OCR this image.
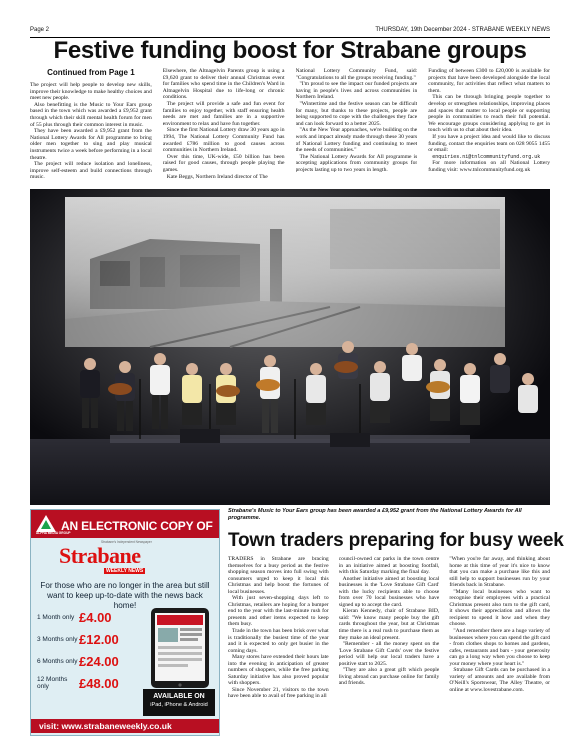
Page 2	THURSDAY, 19th December 2024 - STRABANE WEEKLY NEWS
Festive funding boost for Strabane groups
Continued from Page 1

The project will help people to develop new skills, improve their knowledge to make healthy choices and meet new people.

Also benefitting is the Music to Your Ears group based in the town which was awarded a £9,952 grant through which their skill mental health forum for men of 55 plus through their common interest in music.

They have been awarded a £9,952 grant from the National Lottery Awards for All programme to bring older men together to sing and play musical instruments twice a week before performing in a local theatre.

The project will reduce isolation and loneliness, improve self-esteem and build connections through music.

Elsewhere, the Altnagelvin Parents group is using a £9,620 grant to deliver their annual Christmas event for families who spend time in the Children's Ward in Altnagelvin Hospital due to life-long or chronic conditions.

The project will provide a safe and fun event for families to enjoy together, with staff ensuring health needs are met and families are in a supportive environment to relax and have fun together.

Since the first National Lottery draw 30 years ago in 1994, The National Lottery Community Fund has awarded £786 million to good causes across communities in Northern Ireland.

Over this time, UK-wide, £50 billion has been raised for good causes, through people playing the games.

Kate Beggs, Northern Ireland director of The

National Lottery Community Fund, said: "Congratulations to all the groups receiving funding."

"I'm proud to see the impact our funded projects are having in people's lives and across communities in Northern Ireland.

"Wintertime and the festive season can be difficult for many, but thanks to these projects, people are being supported to cope with the challenges they face and can look forward to a better 2025.

"As the New Year approaches, we're building on the work and impact already made through these 30 years of National Lottery funding and continuing to meet the needs of communities."

The National Lottery Awards for All programme is accepting applications from community groups for projects lasting up to two years in length.

Funding of between £300 to £20,000 is available for projects that have been developed alongside the local community, for activities that reflect what matters to them.

This can be through bringing people together to develop or strengthen relationships, improving places and spaces that matter to local people or supporting people in communities to reach their full potential. We encourage groups considering applying to get in touch with us to chat about their idea.

If you have a project idea and would like to discuss funding, contact the enquiries team on 028 9055 1455 or email:

enquiries.ni@tnlcommunityfund.org.uk

For more information on all National Lottery funding visit: www.tnlcommunityfund.org.uk

Strabane's Music to Your Ears group has been awarded a £9,952 grant from the National Lottery Awards for All programme.
ALPHA MEDIA GROUP
AN ELECTRONIC COPY OF
Strabane's Independent Newspaper
Strabane
WEEKLY NEWS
For those who are no longer in the area but still want to keep up-to-date with the news back home!
1 Month only £4.00
3 Months only £12.00
6 Months only £24.00
12 Months only	£48.00
AVAILABLE ON
iPad, iPhone & Android
visit: www.strabaneweekly.co.uk
Town traders preparing for busy week

TRADERS in Strabane are bracing themselves for a busy period as the festive shopping season moves into full swing with consumers urged to keep it local this Christmas and help boost the fortunes of local businesses.

With just seven-shopping days left to Christmas, retailers are hoping for a bumper end to the year with the last-minute rush for presents and other items expected to keep them busy.

Trade in the town has been brisk over what is traditionally the busiest time of the year and it is expected to only get busier in the coming days.

Many stores have extended their hours late into the evening in anticipation of greater numbers of shoppers, while the free parking Saturday initiative has also proved popular with shoppers.

Since November 21, visitors to the town have been able to avail of free parking in all

council-owned car parks in the town centre in an initiative aimed at boosting footfall, with this Saturday marking the final day.

Another initiative aimed at boosting local businesses is the 'Love Strabane Gift Card' with the lucky recipients able to choose from over 70 local businesses who have signed up to accept the card.

Kieran Kennedy, chair of Strabane BID, said: "We know many people buy the gift cards throughout the year, but at Christmas time there is a real rush to purchase them as they make an ideal present.

"Remember - all the money spent on the 'Love Strabane Gift Cards' over the festive period will help our local traders have a positive start to 2025.

"They are also a great gift which people living abroad can purchase online for family and friends.

"When you're far away, and thinking about home at this time of year it's nice to know that you can make a purchase like this and still help to support businesses run by your friends back in Strabane.

"Many local businesses who want to recognise their employees with a practical Christmas present also turn to the gift card, it shows their appreciation and allows the recipient to spend it how and when they choose.

"And remember there are a huge variety of businesses where you can spend the gift card - from clothes shops to homes and gardens, cafes, restaurants and bars - your generosity can go a long way when you choose to keep your money where your heart is."

Strabane Gift Cards can be purchased in a variety of amounts and are available from O'Neill's Sportswear, The Alley Theatre, or online at www.lovestrabane.com.
